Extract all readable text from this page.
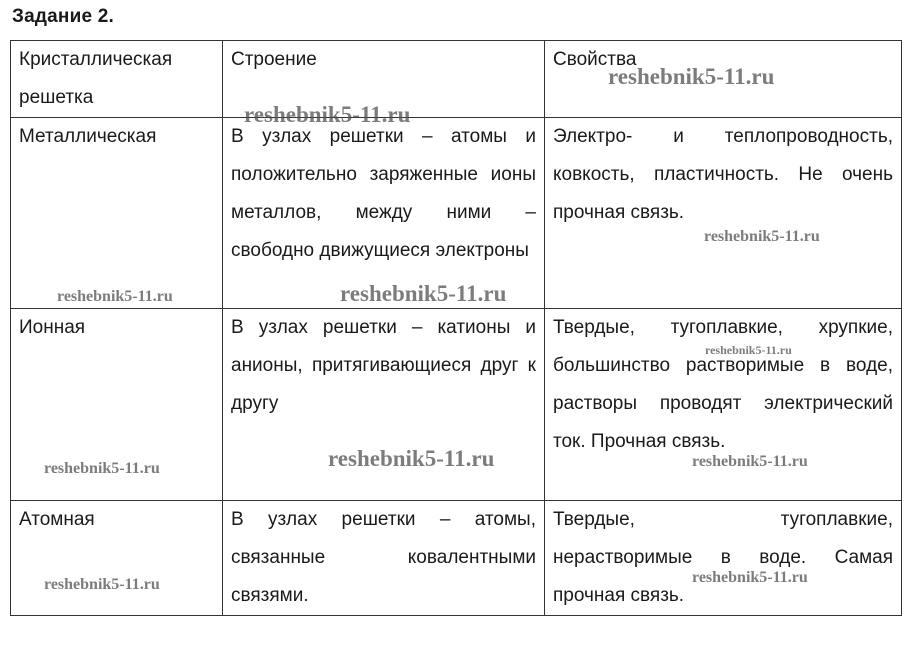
Задание 2.
Кристаллическая решетка	Строение	Свойства
Металлическая	В узлах решетки – атомы и положительно заряженные ионы металлов, между ними – свободно движущиеся электроны	Электро- и теплопроводность, ковкость, пластичность. Не очень прочная связь.
Ионная	В узлах решетки – катионы и анионы, притягивающиеся друг к другу	Твердые, тугоплавкие, хрупкие, большинство растворимые в воде, растворы проводят электрический ток. Прочная связь.
Атомная	В узлах решетки – атомы, связанные ковалентными связями.	Твердые, тугоплавкие, нерастворимые в воде. Самая прочная связь.
reshebnik5-11.ru
reshebnik5-11.ru
reshebnik5-11.ru
reshebnik5-11.ru	reshebnik5-11.ru
reshebnik5-11.ru
reshebnik5-11.ru
reshebnik5-11.ru	reshebnik5-11.ru
reshebnik5-11.ru	reshebnik5-11.ru
